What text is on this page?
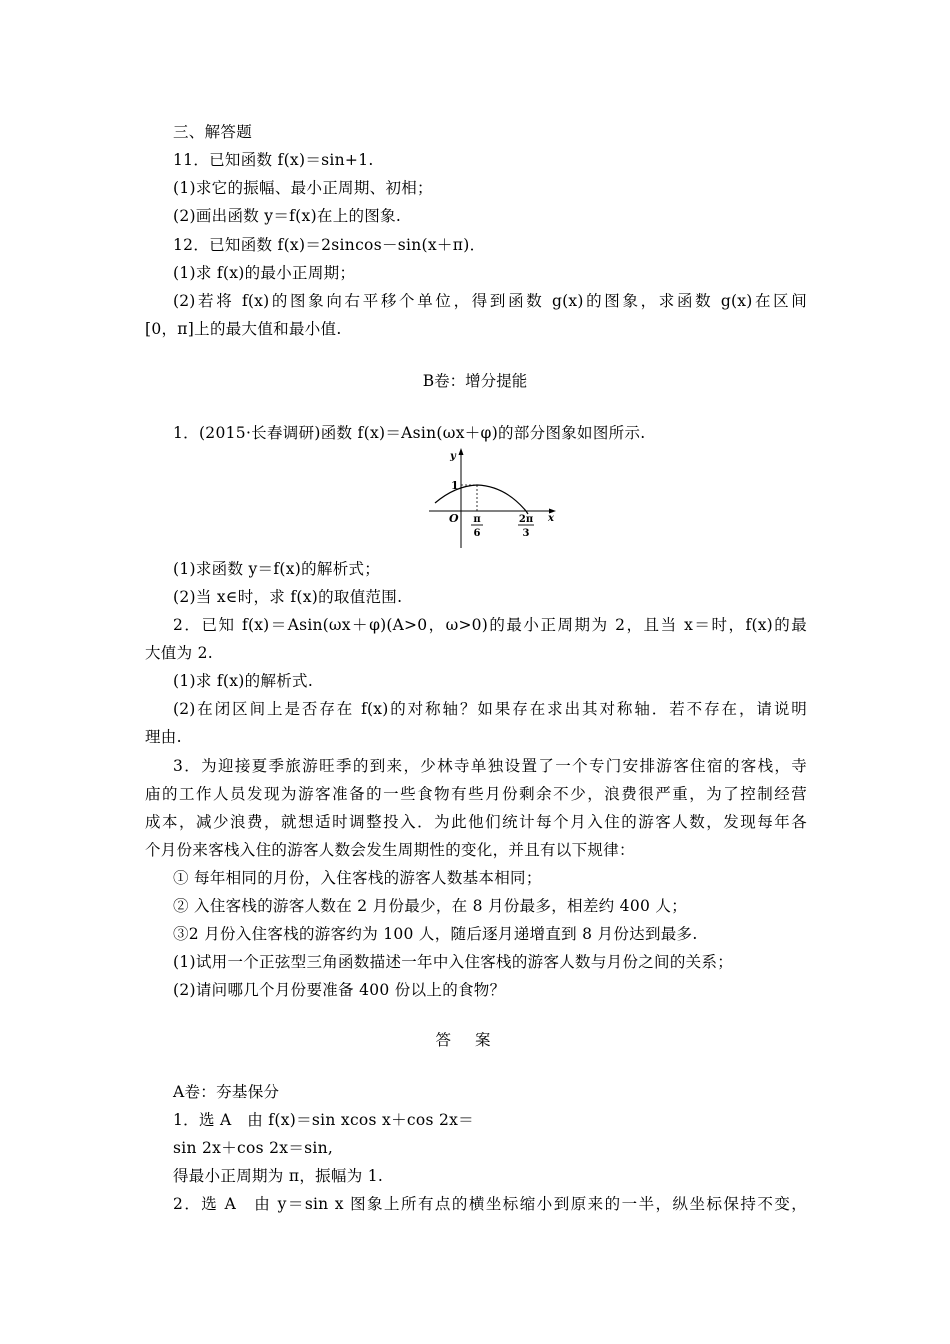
三、解答题
11．已知函数 f(x)＝sin+1.
(1)求它的振幅、最小正周期、初相；
(2)画出函数 y＝f(x)在上的图象.
12．已知函数 f(x)＝2sincos－sin(x＋π)．
(1)求 f(x)的最小正周期；
(2)若将 f(x)的图象向右平移个单位，得到函数 g(x)的图象，求函数 g(x)在区间
[0，π]上的最大值和最小值.
B卷：增分提能
1．(2015·长春调研)函数 f(x)＝Asin(ωx＋φ)的部分图象如图所示.
y
x
O
1
π
6
2π
3
(1)求函数 y＝f(x)的解析式；
(2)当 x∈时，求 f(x)的取值范围.
2．已知 f(x)＝Asin(ωx＋φ)(A>0，ω>0)的最小正周期为 2，且当 x＝时，f(x)的最
大值为 2.
(1)求 f(x)的解析式.
(2)在闭区间上是否存在 f(x)的对称轴？如果存在求出其对称轴．若不存在，请说明
理由.
3．为迎接夏季旅游旺季的到来，少林寺单独设置了一个专门安排游客住宿的客栈，寺
庙的工作人员发现为游客准备的一些食物有些月份剩余不少，浪费很严重，为了控制经营
成本，减少浪费，就想适时调整投入．为此他们统计每个月入住的游客人数，发现每年各
个月份来客栈入住的游客人数会发生周期性的变化，并且有以下规律：
① 每年相同的月份，入住客栈的游客人数基本相同；
② 入住客栈的游客人数在 2 月份最少，在 8 月份最多，相差约 400 人；
③2 月份入住客栈的游客约为 100 人，随后逐月递增直到 8 月份达到最多.
(1)试用一个正弦型三角函数描述一年中入住客栈的游客人数与月份之间的关系；
(2)请问哪几个月份要准备 400 份以上的食物？
答案
A卷：夯基保分
1．选 A　由 f(x)＝sin xcos x＋cos 2x＝
sin 2x＋cos 2x＝sin,
得最小正周期为 π，振幅为 1.
2．选 A　由 y＝sin x 图象上所有点的横坐标缩小到原来的一半，纵坐标保持不变，
